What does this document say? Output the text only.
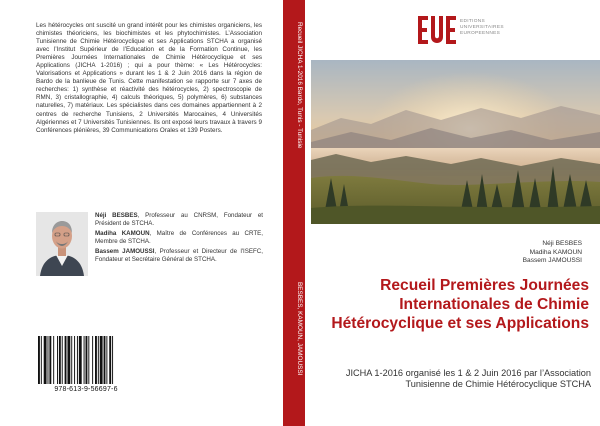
Les hétérocycles ont suscité un grand intérêt pour les chimistes organiciens, les chimistes théoriciens, les biochimistes et les phytochimistes. L’Association Tunisienne de Chimie Hétérocyclique et ses Applications STCHA a organisé avec l’Institut Supérieur de l’Education et de la Formation Continue, les Premières Journées Internationales de Chimie Hétérocyclique et ses Applications (JICHA 1-2016) ; qui a pour thème: « Les Hétérocycles: Valorisations et Applications » durant les 1 & 2 Juin 2016 dans la région de Bardo de la banlieue de Tunis. Cette manifestation se rapporte sur 7 axes de recherches: 1) synthèse et réactivité des hétérocycles, 2) spectroscopie de RMN, 3) cristallographie, 4) calculs théoriques, 5) polymères, 6) substances naturelles, 7) matériaux. Les spécialistes dans ces domaines appartiennent à 2 centres de recherche Tunisiens, 2 Universités Marocaines, 4 Universités Algériennes et 7 Universités Tunisiennes. Ils ont exposé leurs travaux à travers 9 Conférences plénières, 39 Communications Orales et 139 Posters.

Néji BESBES, Professeur au CNRSM, Fondateur et Président de STCHA.

Madiha KAMOUN, Maître de Conférences au CRTE, Membre de STCHA.

Bassem JAMOUSSI, Professeur et Directeur de l'ISEFC, Fondateur et Secrétaire Général de STCHA.

978-613-9-56697-6
Recueil JICHA 1-2016 Bardo, Tunis - Tunisie
BESBES, KAMOUN, JAMOUSSI
EDITIONS
UNIVERSITAIRES
EUROPEENNES
Néji BESBES
Madiha KAMOUN
Bassem JAMOUSSI
Recueil Premières Journées Internationales de Chimie Hétérocyclique et ses Applications

JICHA 1-2016 organisé les 1 & 2 Juin 2016 par l’Association Tunisienne de Chimie Hétérocyclique STCHA
